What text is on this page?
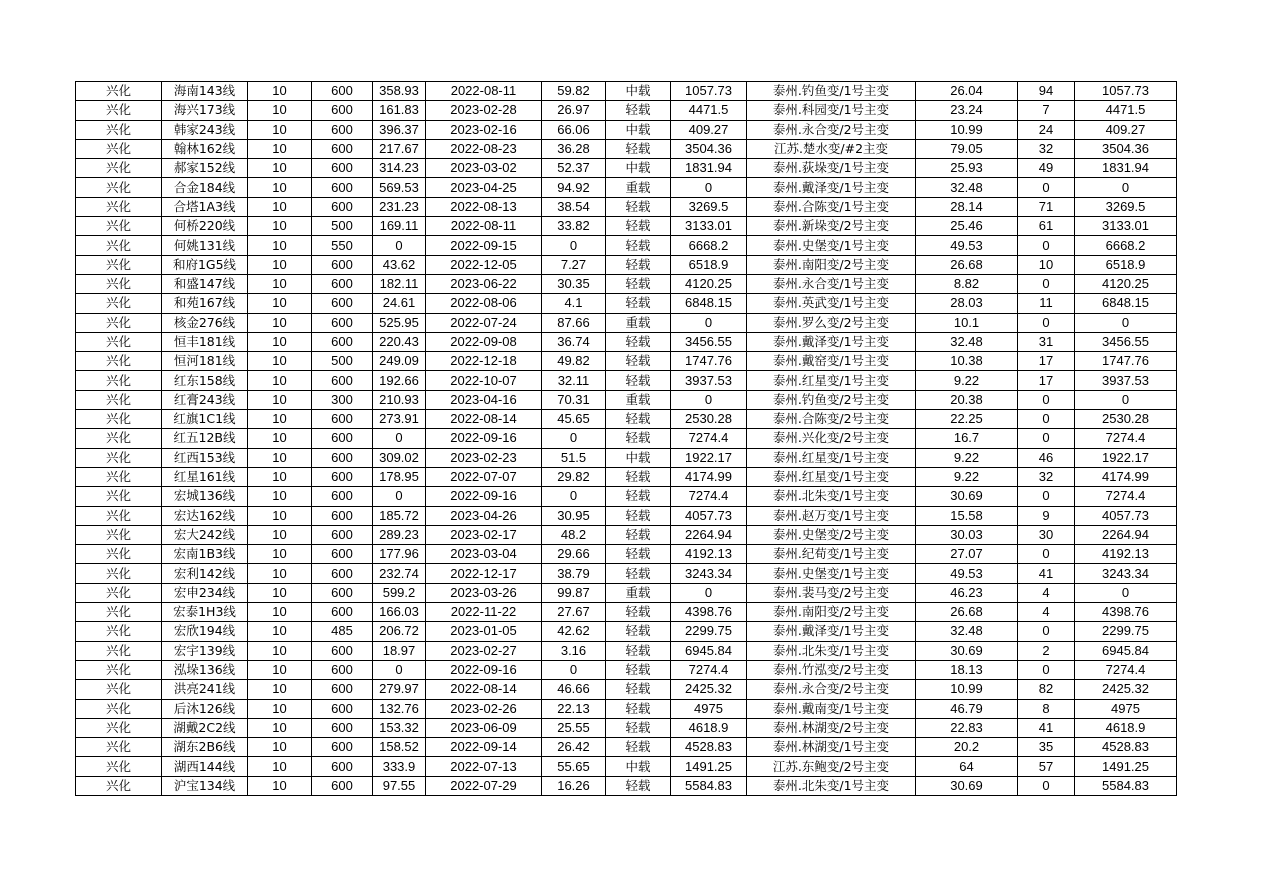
兴化	海南143线	10	600	358.93	2022-08-11	59.82	中载	1057.73	泰州.钓鱼变/1号主变	26.04	94	1057.73
兴化	海兴173线	10	600	161.83	2023-02-28	26.97	轻载	4471.5	泰州.科园变/1号主变	23.24	7	4471.5
兴化	韩家243线	10	600	396.37	2023-02-16	66.06	中载	409.27	泰州.永合变/2号主变	10.99	24	409.27
兴化	翰林162线	10	600	217.67	2022-08-23	36.28	轻载	3504.36	江苏.楚水变/#2主变	79.05	32	3504.36
兴化	郝家152线	10	600	314.23	2023-03-02	52.37	中载	1831.94	泰州.荻垛变/1号主变	25.93	49	1831.94
兴化	合金184线	10	600	569.53	2023-04-25	94.92	重载	0	泰州.戴泽变/1号主变	32.48	0	0
兴化	合塔1A3线	10	600	231.23	2022-08-13	38.54	轻载	3269.5	泰州.合陈变/1号主变	28.14	71	3269.5
兴化	何桥220线	10	500	169.11	2022-08-11	33.82	轻载	3133.01	泰州.新垛变/2号主变	25.46	61	3133.01
兴化	何姚131线	10	550	0	2022-09-15	0	轻载	6668.2	泰州.史堡变/1号主变	49.53	0	6668.2
兴化	和府1G5线	10	600	43.62	2022-12-05	7.27	轻载	6518.9	泰州.南阳变/2号主变	26.68	10	6518.9
兴化	和盛147线	10	600	182.11	2023-06-22	30.35	轻载	4120.25	泰州.永合变/1号主变	8.82	0	4120.25
兴化	和苑167线	10	600	24.61	2022-08-06	4.1	轻载	6848.15	泰州.英武变/1号主变	28.03	11	6848.15
兴化	核金276线	10	600	525.95	2022-07-24	87.66	重载	0	泰州.罗么变/2号主变	10.1	0	0
兴化	恒丰181线	10	600	220.43	2022-09-08	36.74	轻载	3456.55	泰州.戴泽变/1号主变	32.48	31	3456.55
兴化	恒河181线	10	500	249.09	2022-12-18	49.82	轻载	1747.76	泰州.戴窑变/1号主变	10.38	17	1747.76
兴化	红东158线	10	600	192.66	2022-10-07	32.11	轻载	3937.53	泰州.红星变/1号主变	9.22	17	3937.53
兴化	红膏243线	10	300	210.93	2023-04-16	70.31	重载	0	泰州.钓鱼变/2号主变	20.38	0	0
兴化	红旗1C1线	10	600	273.91	2022-08-14	45.65	轻载	2530.28	泰州.合陈变/2号主变	22.25	0	2530.28
兴化	红五12B线	10	600	0	2022-09-16	0	轻载	7274.4	泰州.兴化变/2号主变	16.7	0	7274.4
兴化	红西153线	10	600	309.02	2023-02-23	51.5	中载	1922.17	泰州.红星变/1号主变	9.22	46	1922.17
兴化	红星161线	10	600	178.95	2022-07-07	29.82	轻载	4174.99	泰州.红星变/1号主变	9.22	32	4174.99
兴化	宏城136线	10	600	0	2022-09-16	0	轻载	7274.4	泰州.北朱变/1号主变	30.69	0	7274.4
兴化	宏达162线	10	600	185.72	2023-04-26	30.95	轻载	4057.73	泰州.赵万变/1号主变	15.58	9	4057.73
兴化	宏大242线	10	600	289.23	2023-02-17	48.2	轻载	2264.94	泰州.史堡变/2号主变	30.03	30	2264.94
兴化	宏南1B3线	10	600	177.96	2023-03-04	29.66	轻载	4192.13	泰州.纪荀变/1号主变	27.07	0	4192.13
兴化	宏利142线	10	600	232.74	2022-12-17	38.79	轻载	3243.34	泰州.史堡变/1号主变	49.53	41	3243.34
兴化	宏申234线	10	600	599.2	2023-03-26	99.87	重载	0	泰州.裴马变/2号主变	46.23	4	0
兴化	宏泰1H3线	10	600	166.03	2022-11-22	27.67	轻载	4398.76	泰州.南阳变/2号主变	26.68	4	4398.76
兴化	宏欣194线	10	485	206.72	2023-01-05	42.62	轻载	2299.75	泰州.戴泽变/1号主变	32.48	0	2299.75
兴化	宏宇139线	10	600	18.97	2023-02-27	3.16	轻载	6945.84	泰州.北朱变/1号主变	30.69	2	6945.84
兴化	泓垛136线	10	600	0	2022-09-16	0	轻载	7274.4	泰州.竹泓变/2号主变	18.13	0	7274.4
兴化	洪亮241线	10	600	279.97	2022-08-14	46.66	轻载	2425.32	泰州.永合变/2号主变	10.99	82	2425.32
兴化	后沐126线	10	600	132.76	2023-02-26	22.13	轻载	4975	泰州.戴南变/1号主变	46.79	8	4975
兴化	湖戴2C2线	10	600	153.32	2023-06-09	25.55	轻载	4618.9	泰州.林湖变/2号主变	22.83	41	4618.9
兴化	湖东2B6线	10	600	158.52	2022-09-14	26.42	轻载	4528.83	泰州.林湖变/1号主变	20.2	35	4528.83
兴化	湖西144线	10	600	333.9	2022-07-13	55.65	中载	1491.25	江苏.东鲍变/2号主变	64	57	1491.25
兴化	沪宝134线	10	600	97.55	2022-07-29	16.26	轻载	5584.83	泰州.北朱变/1号主变	30.69	0	5584.83
